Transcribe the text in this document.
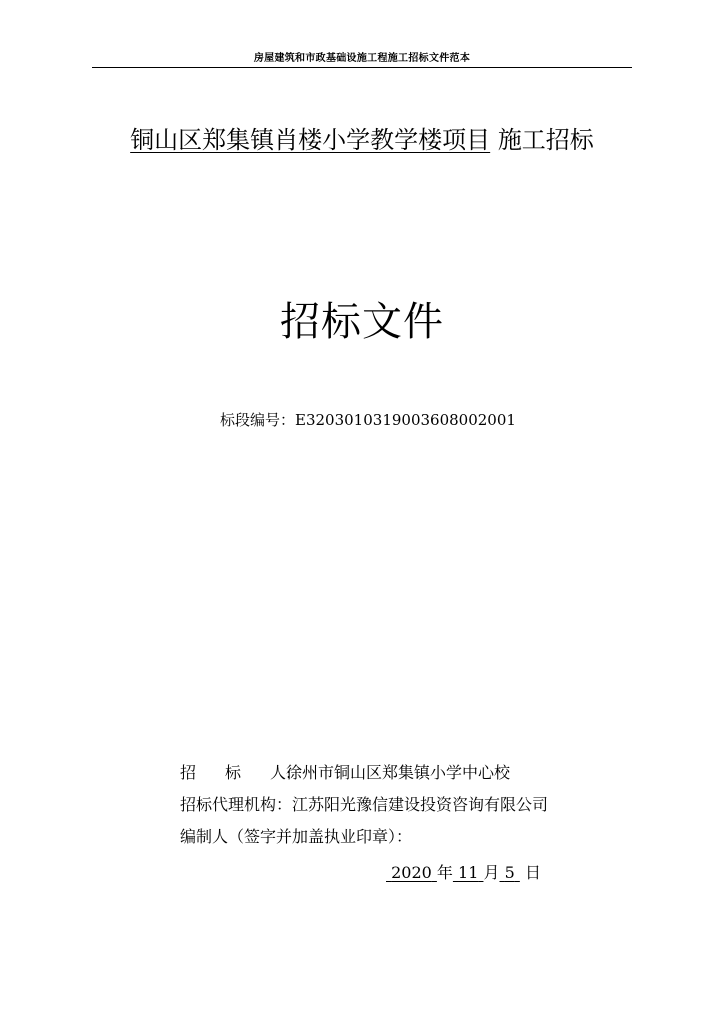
房屋建筑和市政基础设施工程施工招标文件范本
铜山区郑集镇肖楼小学教学楼项目 施工招标
招标文件
标段编号：E3203010319003608002001
招 标 人:徐州市铜山区郑集镇小学中心校
招标代理机构：江苏阳光豫信建设投资咨询有限公司
编制人（签字并加盖执业印章）：
2020 年 11 月 5 日
